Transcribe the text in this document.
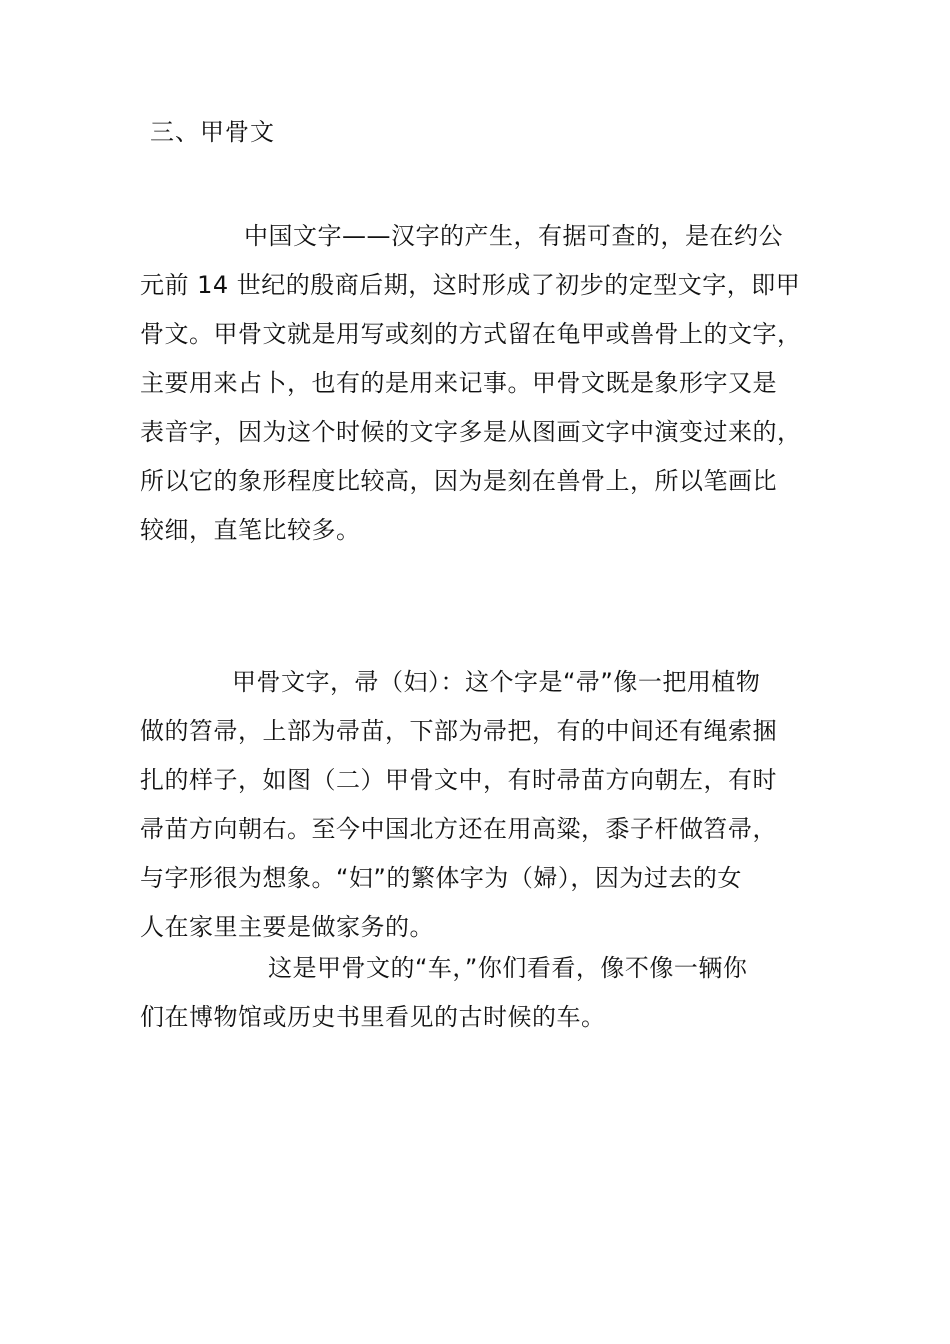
三、甲骨文
中国文字——汉字的产生，有据可查的，是在约公
元前 14 世纪的殷商后期，这时形成了初步的定型文字，即甲
骨文。甲骨文就是用写或刻的方式留在龟甲或兽骨上的文字，
主要用来占卜，也有的是用来记事。甲骨文既是象形字又是
表音字，因为这个时候的文字多是从图画文字中演变过来的，
所以它的象形程度比较高，因为是刻在兽骨上，所以笔画比
较细，直笔比较多。
甲骨文字，帚（妇）：这个字是“帚”像一把用植物
做的笤帚，上部为帚苗，下部为帚把，有的中间还有绳索捆
扎的样子，如图（二）甲骨文中，有时帚苗方向朝左，有时
帚苗方向朝右。至今中国北方还在用高粱，黍子杆做笤帚，
与字形很为想象。“妇”的繁体字为（婦），因为过去的女
人在家里主要是做家务的。
这是甲骨文的“车，”你们看看，像不像一辆你
们在博物馆或历史书里看见的古时候的车。
